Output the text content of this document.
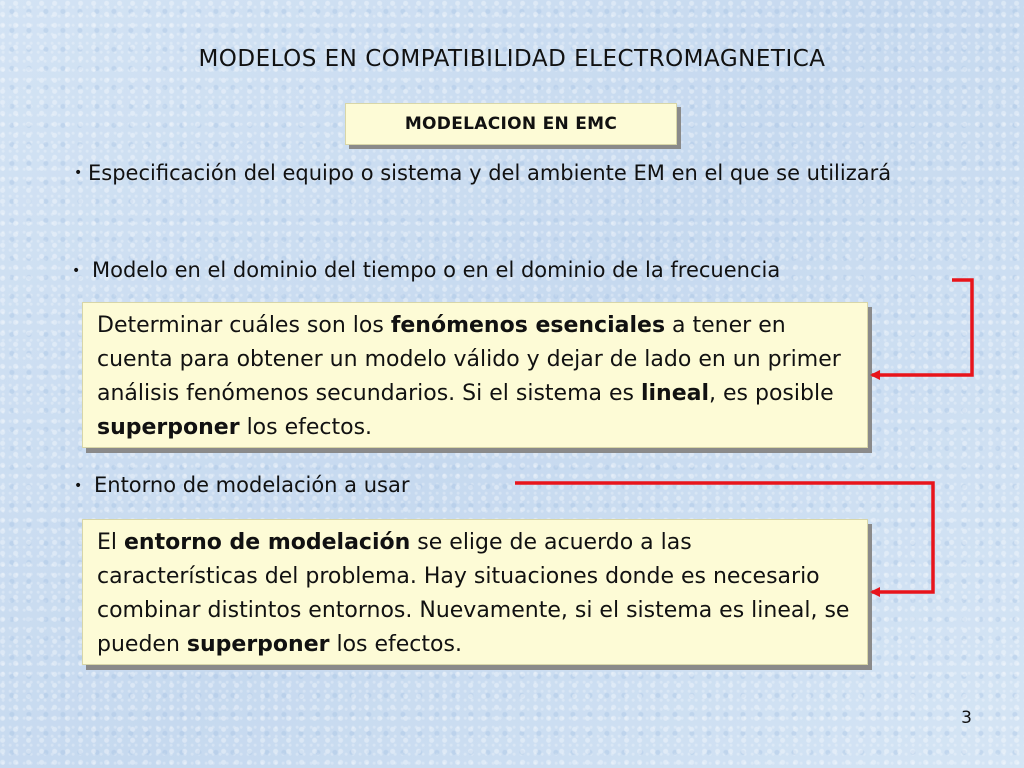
MODELOS EN COMPATIBILIDAD ELECTROMAGNETICA
MODELACION EN EMC
• Especificación del equipo o sistema y del ambiente EM en el que se utilizará
• Modelo en el dominio del tiempo o en el dominio de la frecuencia

Determinar cuáles son los fenómenos esenciales a tener en cuenta para obtener un modelo válido y dejar de lado en un primer análisis fenómenos secundarios. Si el sistema es lineal, es posible  superponer los efectos.

• Entorno de modelación a usar

El entorno de modelación se elige de acuerdo a las características del problema. Hay situaciones donde es necesario combinar distintos entornos. Nuevamente, si el sistema es lineal, se pueden superponer los efectos.

3
